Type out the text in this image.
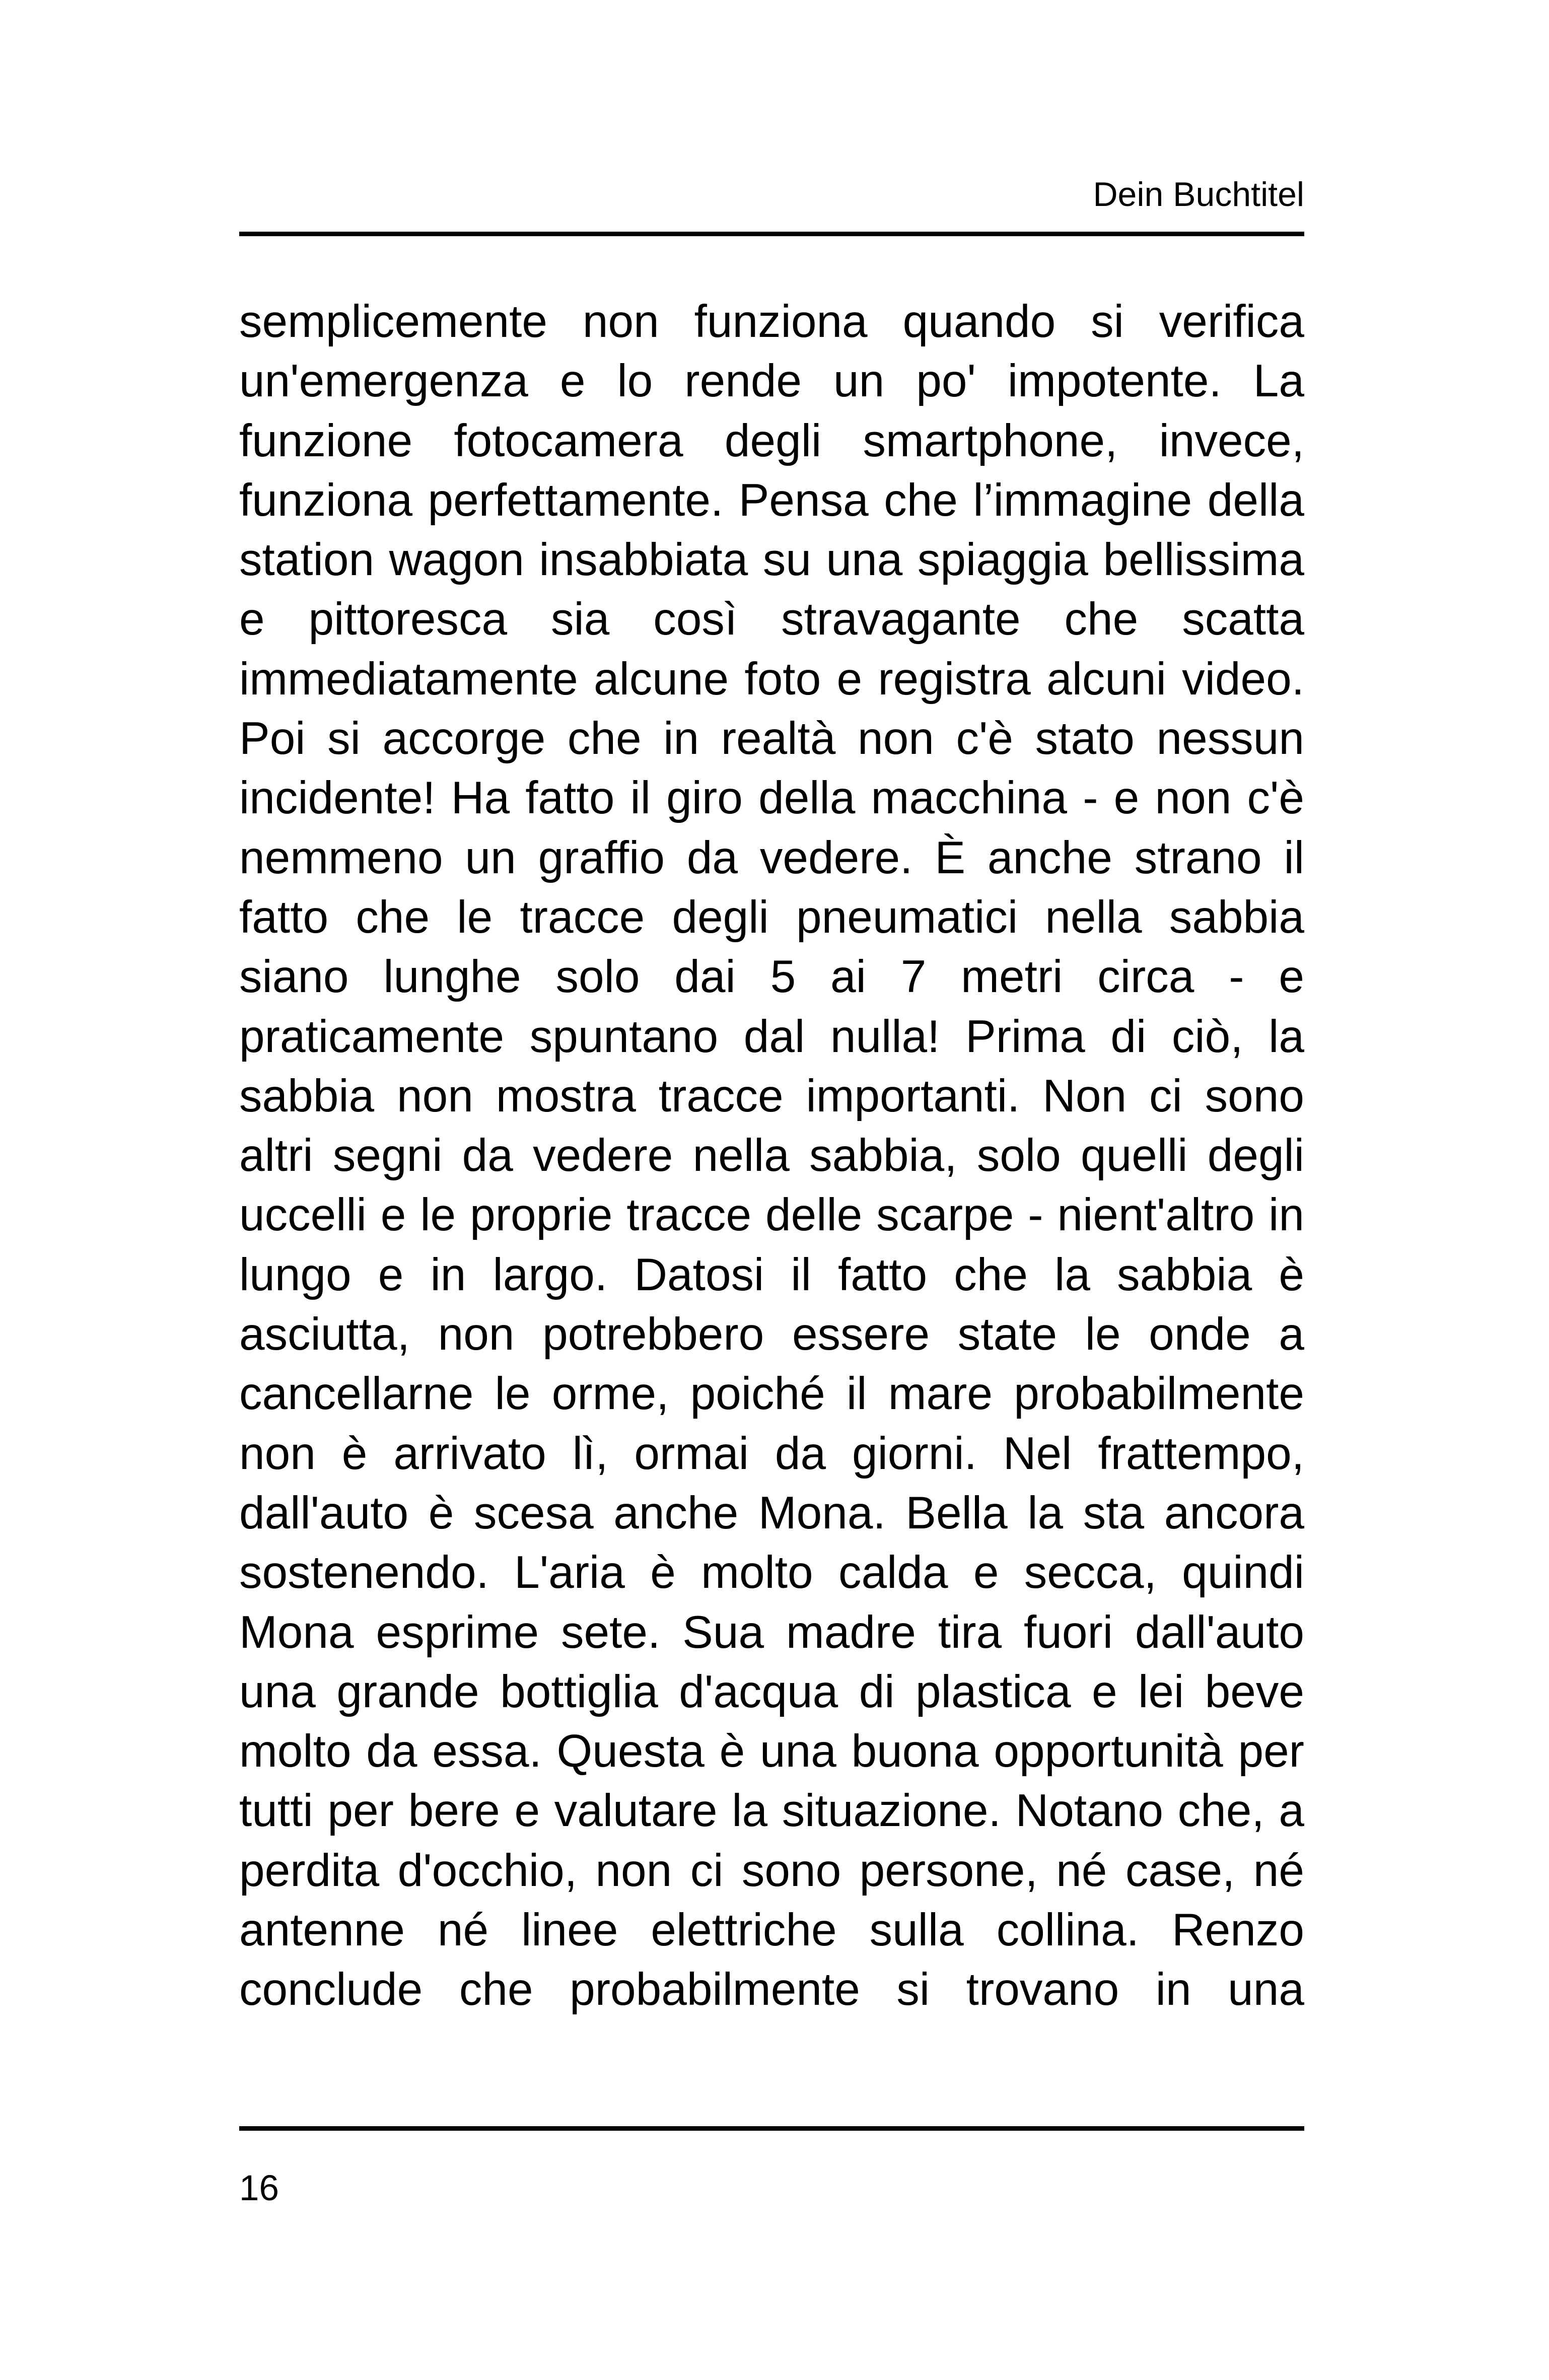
Dein Buchtitel
semplicemente non funziona quando si verifica
un'emergenza e lo rende un po' impotente. La
funzione fotocamera degli smartphone, invece,
funziona perfettamente. Pensa che l’immagine della
station wagon insabbiata su una spiaggia bellissima
e pittoresca sia così stravagante che scatta
immediatamente alcune foto e registra alcuni video.
Poi si accorge che in realtà non c'è stato nessun
incidente! Ha fatto il giro della macchina - e non c'è
nemmeno un graffio da vedere. È anche strano il
fatto che le tracce degli pneumatici nella sabbia
siano lunghe solo dai 5 ai 7 metri circa - e
praticamente spuntano dal nulla! Prima di ciò, la
sabbia non mostra tracce importanti. Non ci sono
altri segni da vedere nella sabbia, solo quelli degli
uccelli e le proprie tracce delle scarpe - nient'altro in
lungo e in largo. Datosi il fatto che la sabbia è
asciutta, non potrebbero essere state le onde a
cancellarne le orme, poiché il mare probabilmente
non è arrivato lì, ormai da giorni. Nel frattempo,
dall'auto è scesa anche Mona. Bella la sta ancora
sostenendo. L'aria è molto calda e secca, quindi
Mona esprime sete. Sua madre tira fuori dall'auto
una grande bottiglia d'acqua di plastica e lei beve
molto da essa. Questa è una buona opportunità per
tutti per bere e valutare la situazione. Notano che, a
perdita d'occhio, non ci sono persone, né case, né
antenne né linee elettriche sulla collina. Renzo
conclude che probabilmente si trovano in una
16
